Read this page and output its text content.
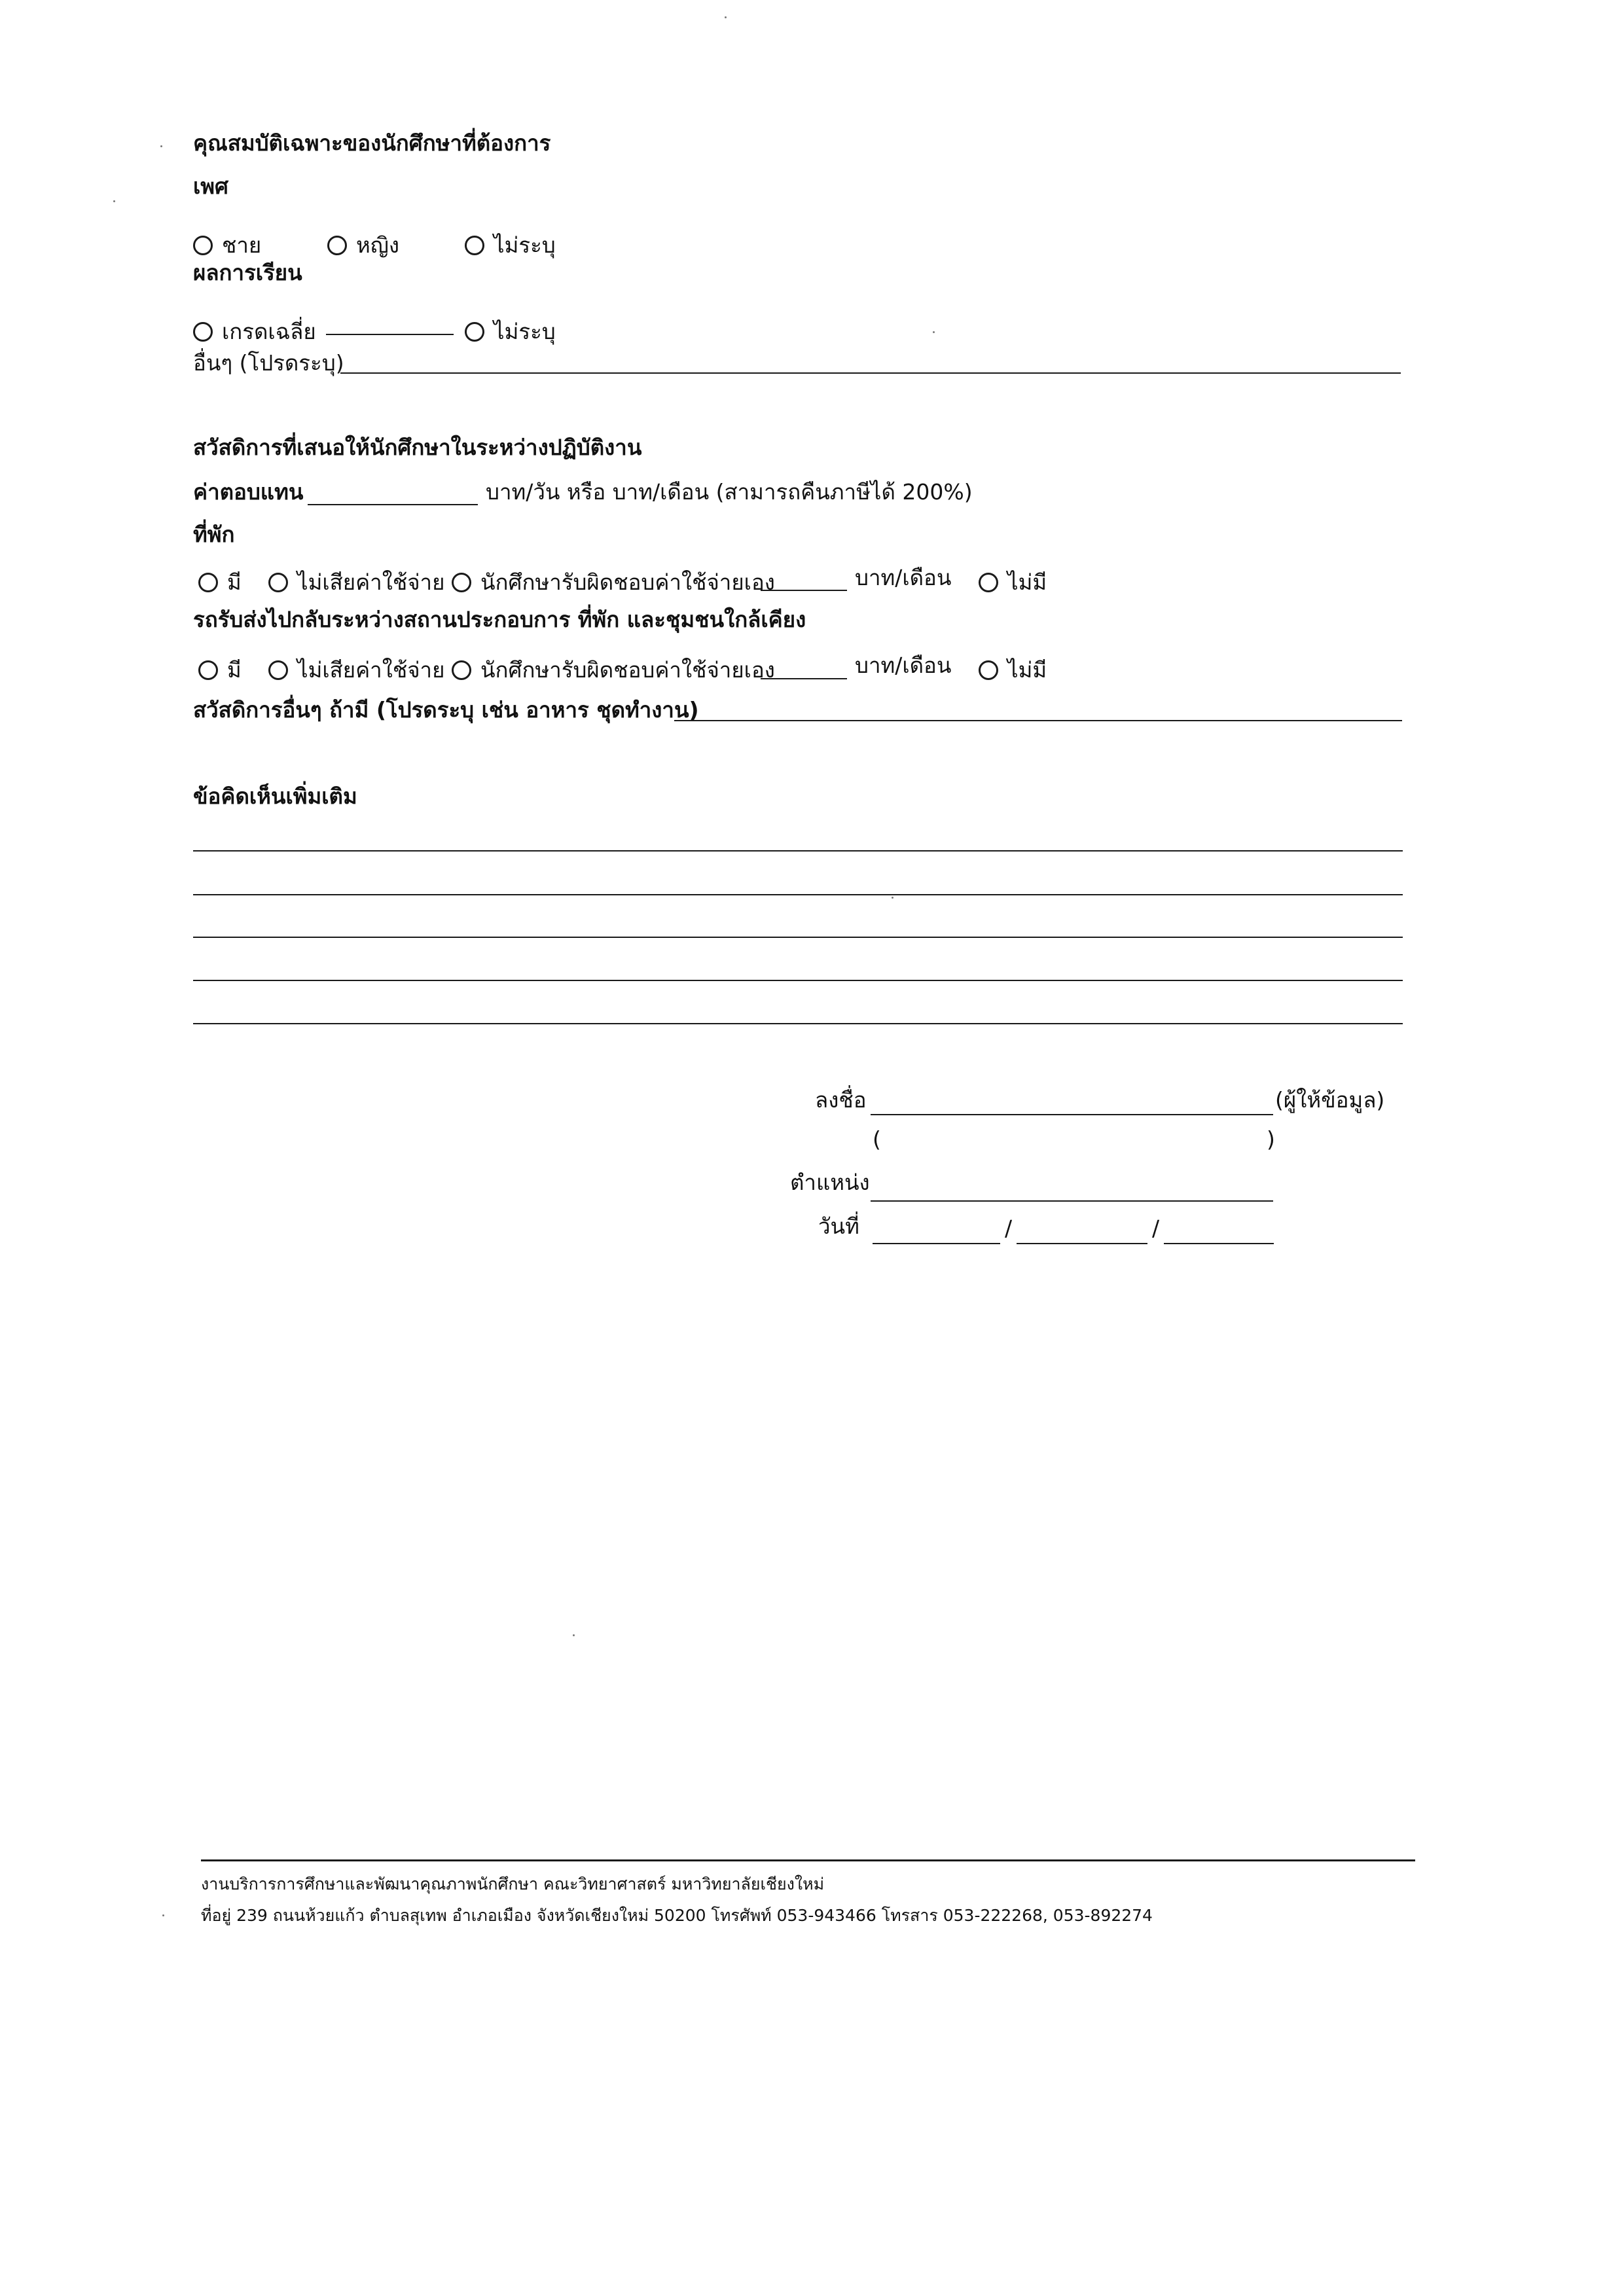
คุณสมบัติเฉพาะของนักศึกษาที่ต้องการ
เพศ
ชาย	หญิง	ไม่ระบุ
ผลการเรียน
เกรดเฉลี่ย	ไม่ระบุ
อื่นๆ (โปรดระบุ)
สวัสดิการที่เสนอให้นักศึกษาในระหว่างปฏิบัติงาน
ค่าตอบแทน	บาท/วัน หรือ บาท/เดือน (สามารถคืนภาษีได้ 200%)
ที่พัก
มี	ไม่เสียค่าใช้จ่าย นักศึกษารับผิดชอบค่าใช้จ่ายเอง	บาท/เดือน	ไม่มี
รถรับส่งไปกลับระหว่างสถานประกอบการ ที่พัก และชุมชนใกล้เคียง
มี	ไม่เสียค่าใช้จ่าย นักศึกษารับผิดชอบค่าใช้จ่ายเอง	บาท/เดือน	ไม่มี
สวัสดิการอื่นๆ ถ้ามี (โปรดระบุ เช่น อาหาร ชุดทำงาน)
ข้อคิดเห็นเพิ่มเติม
ลงชื่อ	(ผู้ให้ข้อมูล)
(	)
ตำแหน่ง
วันที่	/	/
งานบริการการศึกษาและพัฒนาคุณภาพนักศึกษา คณะวิทยาศาสตร์ มหาวิทยาลัยเชียงใหม่
ที่อยู่ 239 ถนนห้วยแก้ว ตำบลสุเทพ อำเภอเมือง จังหวัดเชียงใหม่ 50200 โทรศัพท์ 053-943466 โทรสาร 053-222268, 053-892274
